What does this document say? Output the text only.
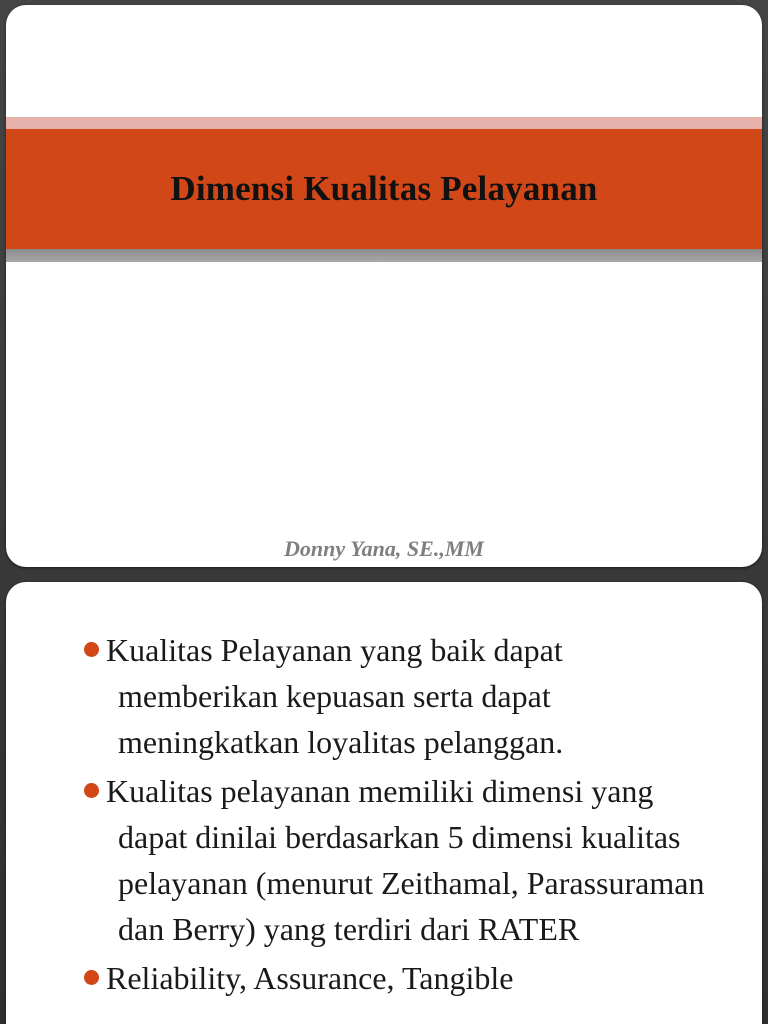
Dimensi Kualitas Pelayanan
Donny Yana, SE.,MM
Kualitas Pelayanan yang baik dapat memberikan kepuasan serta dapat meningkatkan loyalitas pelanggan.
Kualitas pelayanan memiliki dimensi yang dapat dinilai berdasarkan 5 dimensi kualitas pelayanan (menurut Zeithamal, Parassuraman dan Berry) yang terdiri dari RATER
Reliability, Assurance, Tangible
